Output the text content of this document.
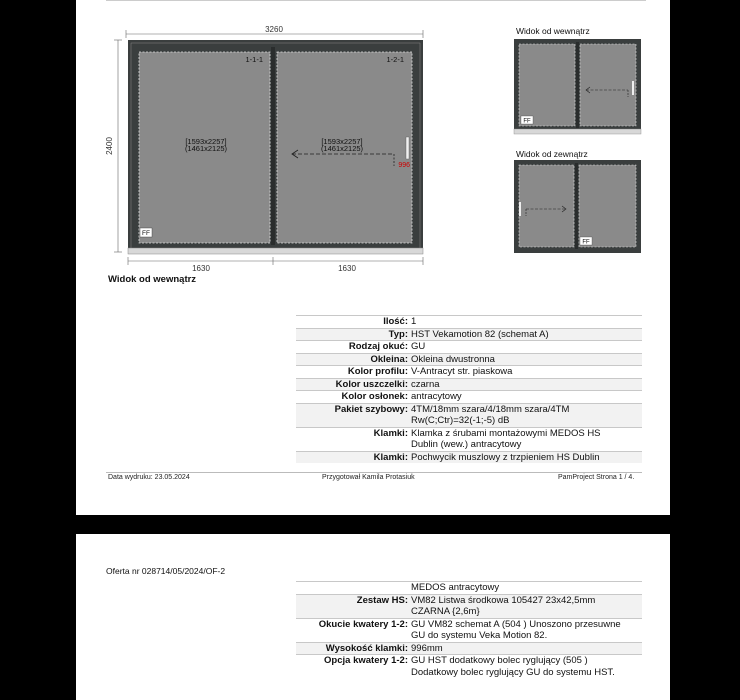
3260
2400
1-1-1	1-2-1
[1593x2257]
(1461x2125)
[1593x2257]
(1461x2125)
996
FF
1630	1630
Widok od wewnątrz
Widok od wewnątrz
FF
Widok od zewnątrz
FF
Ilość: 1
Typ: HST Vekamotion 82 (schemat A)
Rodzaj okuć: GU
Okleina: Okleina dwustronna
Kolor profilu: V-Antracyt str. piaskowa
Kolor uszczelki: czarna
Kolor osłonek: antracytowy
Pakiet szybowy: 4TM/18mm szara/4/18mm szara/4TM
Rw(C;Ctr)=32(-1;-5) dB
Klamki: Klamka z śrubami montażowymi MEDOS HS
Dublin (wew.) antracytowy
Klamki: Pochwycik muszlowy z trzpieniem HS Dublin
Data wydruku: 23.05.2024	Przygotował Kamila Protasiuk	PamProject Strona 1 / 4.
Oferta nr 028714/05/2024/OF-2
MEDOS antracytowy
Zestaw HS: VM82 Listwa środkowa 105427 23x42,5mm
CZARNA {2,6m}
Okucie kwatery 1-2: GU VM82 schemat A (504 ) Unoszono przesuwne
GU do systemu Veka Motion 82.
Wysokość klamki: 996mm
Opcja kwatery 1-2: GU HST dodatkowy bolec ryglujący (505 )
Dodatkowy bolec ryglujący GU do systemu HST.
